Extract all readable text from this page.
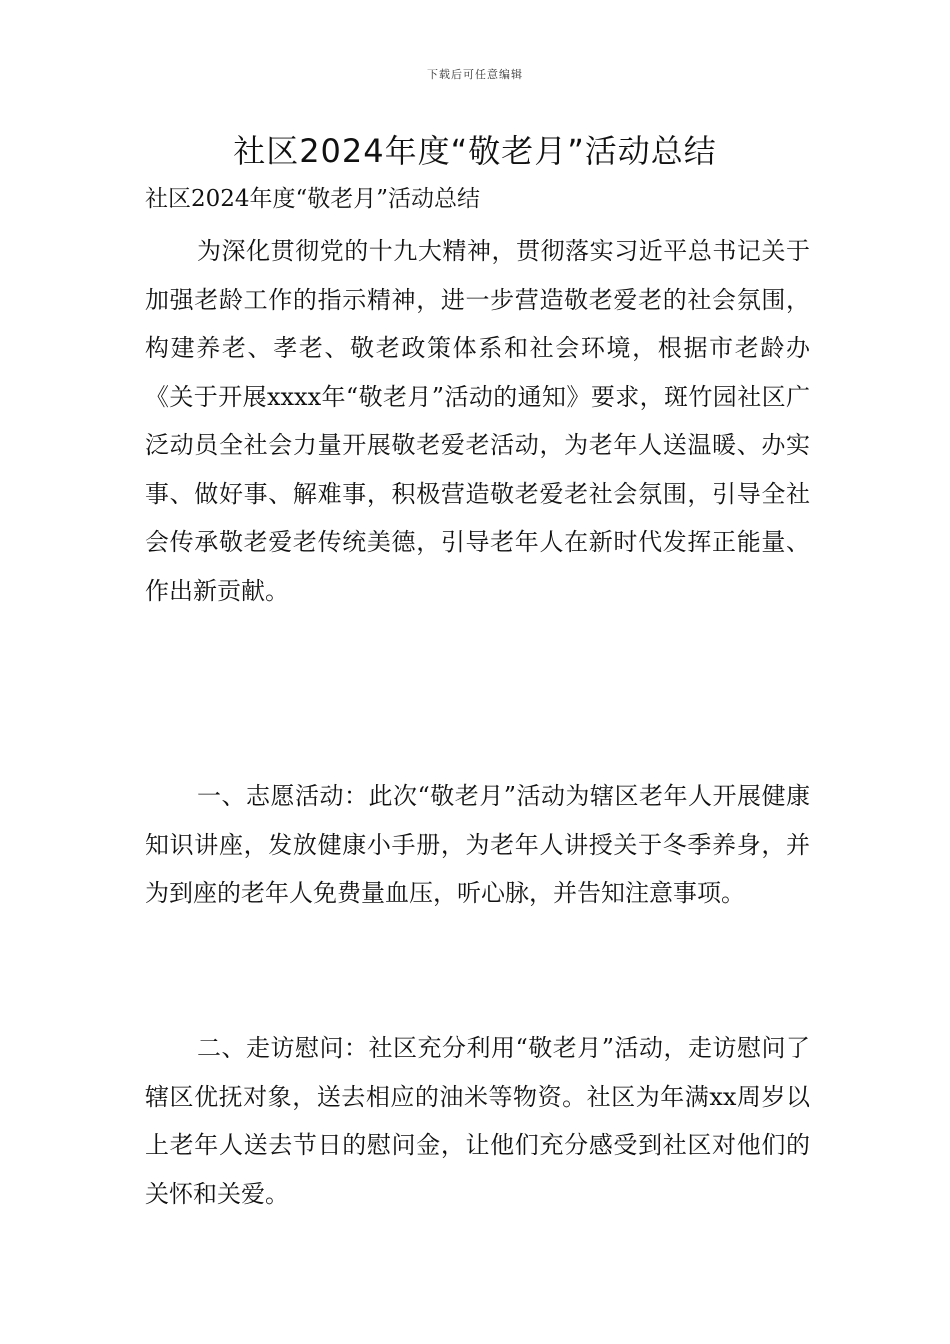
下载后可任意编辑
社区2024年度“敬老月”活动总结
社区2024年度“敬老月”活动总结

为深化贯彻党的十九大精神，贯彻落实习近平总书记关于加强老龄工作的指示精神，进一步营造敬老爱老的社会氛围，构建养老、孝老、敬老政策体系和社会环境，根据市老龄办《关于开展xxxx年“敬老月”活动的通知》要求，斑竹园社区广泛动员全社会力量开展敬老爱老活动，为老年人送温暖、办实事、做好事、解难事，积极营造敬老爱老社会氛围，引导全社会传承敬老爱老传统美德，引导老年人在新时代发挥正能量、作出新贡献。

一、志愿活动：此次“敬老月”活动为辖区老年人开展健康知识讲座，发放健康小手册，为老年人讲授关于冬季养身，并为到座的老年人免费量血压，听心脉，并告知注意事项。

二、走访慰问：社区充分利用“敬老月”活动，走访慰问了辖区优抚对象，送去相应的油米等物资。社区为年满xx周岁以上老年人送去节日的慰问金，让他们充分感受到社区对他们的关怀和关爱。
